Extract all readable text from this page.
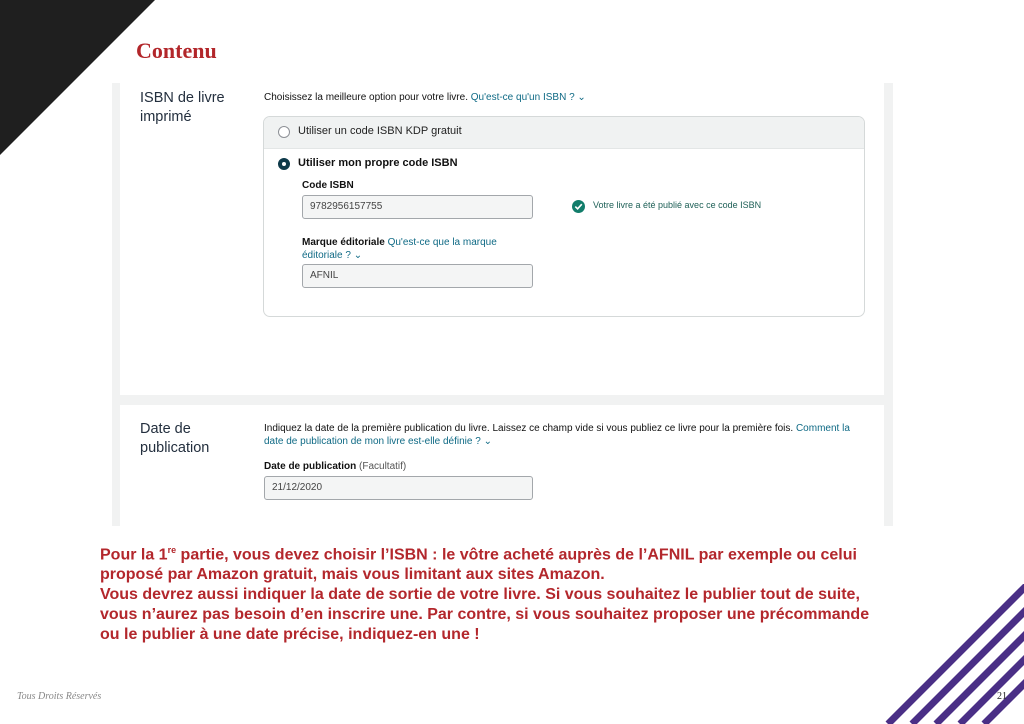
Contenu
ISBN de livre
imprimé
Choisissez la meilleure option pour votre livre. Qu'est-ce qu'un ISBN ? ⌄
Utiliser un code ISBN KDP gratuit
Utiliser mon propre code ISBN
Code ISBN
9782956157755	Votre livre a été publié avec ce code ISBN
Marque éditoriale Qu'est-ce que la marque
éditoriale ? ⌄
AFNIL
Date de
publication
Indiquez la date de la première publication du livre. Laissez ce champ vide si vous publiez ce livre pour la première fois. Comment la date de publication de mon livre est-elle définie ? ⌄
Date de publication (Facultatif)
21/12/2020
Pour la 1re partie, vous devez choisir l’ISBN : le vôtre acheté auprès de l’AFNIL par exemple ou celui
proposé par Amazon gratuit, mais vous limitant aux sites Amazon.
Vous devrez aussi indiquer la date de sortie de votre livre. Si vous souhaitez le publier tout de suite,
vous n’aurez pas besoin d’en inscrire une. Par contre, si vous souhaitez proposer une précommande
ou le publier à une date précise, indiquez-en une !
Tous Droits Réservés	21
